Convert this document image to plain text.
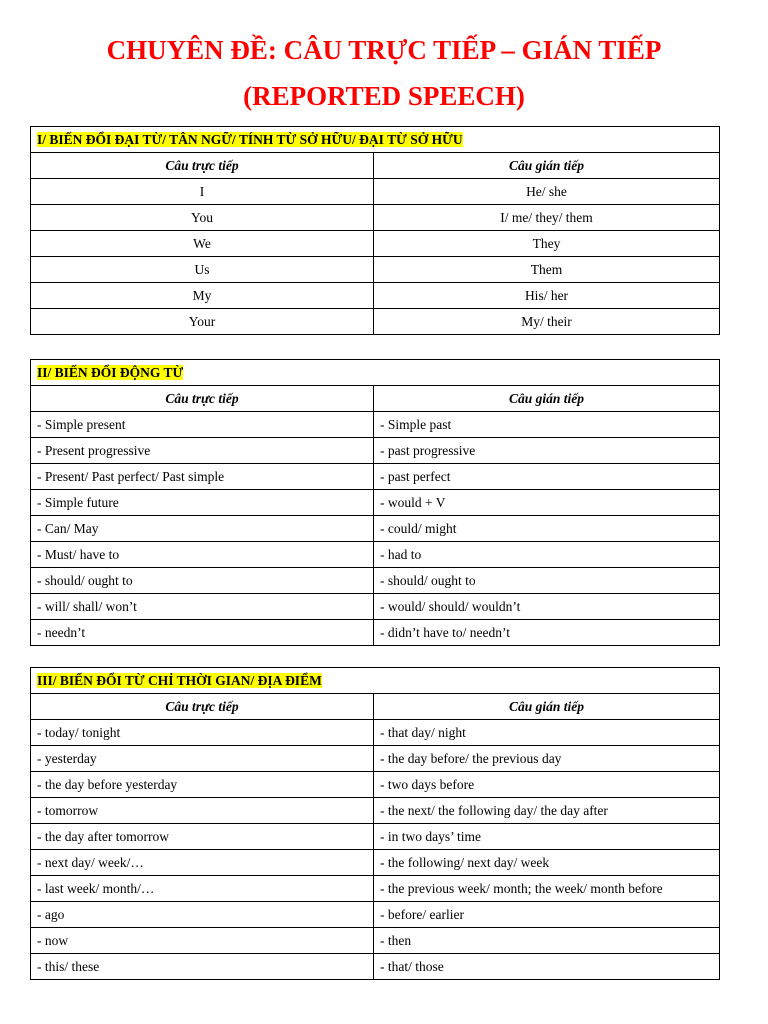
CHUYÊN ĐỀ: CÂU TRỰC TIẾP – GIÁN TIẾP
(REPORTED SPEECH)
I/ BIẾN ĐỔI ĐẠI TỪ/ TÂN NGỮ/ TÍNH TỪ SỞ HỮU/ ĐẠI TỪ SỞ HỮU	
Câu trực tiếp	Câu gián tiếp
I	He/ she
You	I/ me/ they/ them
We	They
Us	Them
My	His/ her
Your	My/ their
II/ BIẾN ĐỔI ĐỘNG TỪ	
Câu trực tiếp	Câu gián tiếp
- Simple present	- Simple past
- Present progressive	- past progressive
- Present/ Past perfect/ Past simple	- past perfect
- Simple future	- would + V
- Can/ May	- could/ might
- Must/ have to	- had to
- should/ ought to	- should/ ought to
- will/ shall/ won’t	- would/ should/ wouldn’t
- needn’t	- didn’t have to/ needn’t
III/ BIẾN ĐỔI TỪ CHỈ THỜI GIAN/ ĐỊA ĐIỂM	
Câu trực tiếp	Câu gián tiếp
- today/ tonight	- that day/ night
- yesterday	- the day before/ the previous day
- the day before yesterday	- two days before
- tomorrow	- the next/ the following day/ the day after
- the day after tomorrow	- in two days’ time
- next day/ week/…	- the following/ next day/ week
- last week/ month/…	- the previous week/ month; the week/ month before
- ago	- before/ earlier
- now	- then
- this/ these	- that/ those
